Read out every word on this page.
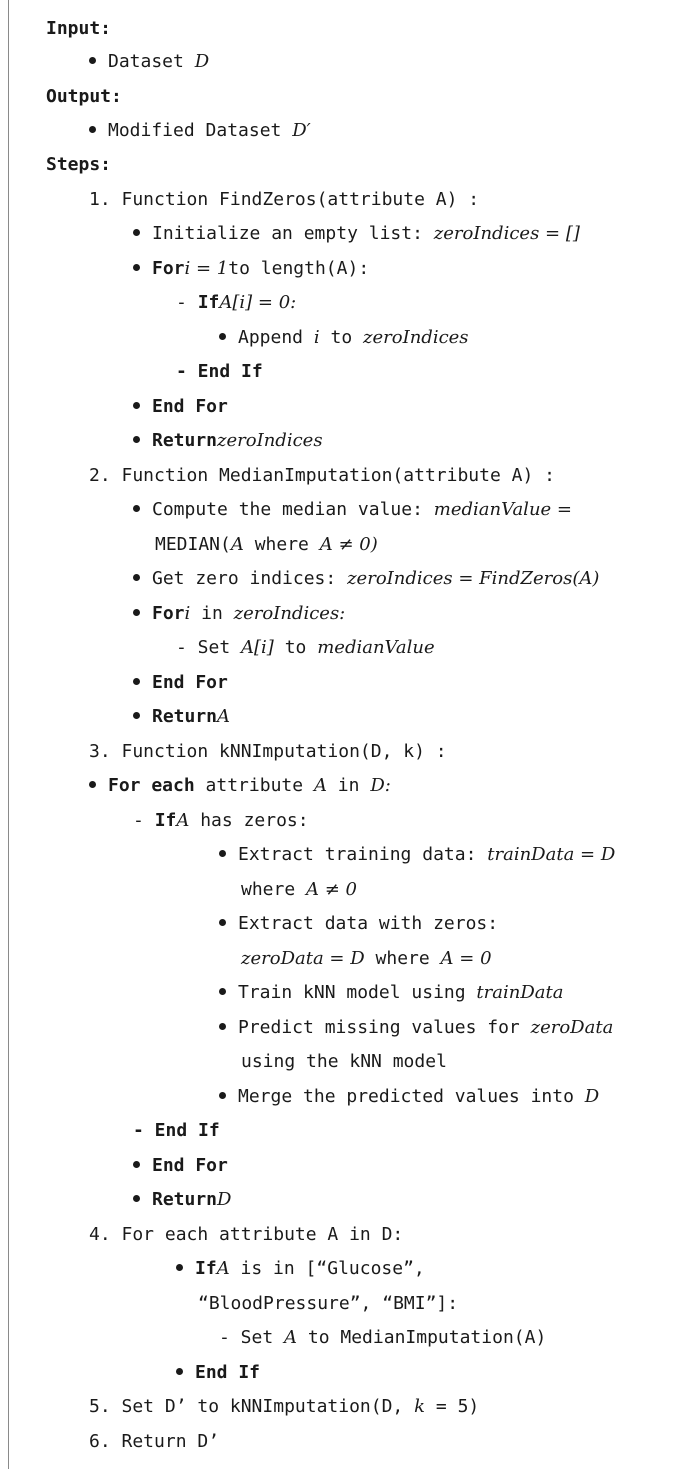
Input:
Dataset D
Output:
Modified Dataset D′
Steps:
1. Function FindZeros(attribute A) :
Initialize an empty list: zeroIndices = []
Fori = 1to length(A):
- IfA[i] = 0:
Append i to zeroIndices
- End If
End For
ReturnzeroIndices
2. Function MedianImputation(attribute A) :
Compute the median value: medianValue =
MEDIAN(A where A ≠ 0)
Get zero indices: zeroIndices = FindZeros(A)
Fori in zeroIndices:
- Set A[i] to medianValue
End For
ReturnA
3. Function kNNImputation(D, k) :
For each attribute A in D:
- IfA has zeros:
Extract training data: trainData = D
where A ≠ 0
Extract data with zeros:
zeroData = D where A = 0
Train kNN model using trainData
Predict missing values for zeroData
using the kNN model
Merge the predicted values into D
- End If
End For
ReturnD
4. For each attribute A in D:
IfA is in [“Glucose”,
“BloodPressure”, “BMI”]:
- Set A to MedianImputation(A)
End If
5. Set D’ to kNNImputation(D, k = 5)
6. Return D’
